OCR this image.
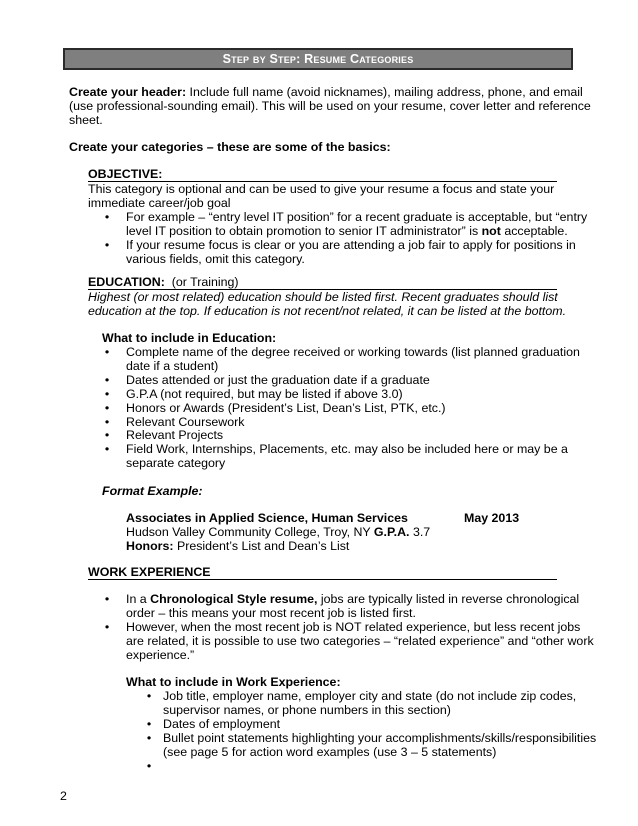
Step by Step: Resume Categories
Create your header: Include full name (avoid nicknames), mailing address, phone, and email
(use professional-sounding email). This will be used on your resume, cover letter and reference
sheet.
Create your categories – these are some of the basics:
OBJECTIVE:
This category is optional and can be used to give your resume a focus and state your
immediate career/job goal
• For example – “entry level IT position” for a recent graduate is acceptable, but “entry
level IT position to obtain promotion to senior IT administrator” is not acceptable.
• If your resume focus is clear or you are attending a job fair to apply for positions in
various fields, omit this category.
EDUCATION:  (or Training)
Highest (or most related) education should be listed first. Recent graduates should list
education at the top. If education is not recent/not related, it can be listed at the bottom.
What to include in Education:
• Complete name of the degree received or working towards (list planned graduation
date if a student)
• Dates attended or just the graduation date if a graduate
• G.P.A (not required, but may be listed if above 3.0)
• Honors or Awards (President’s List, Dean’s List, PTK, etc.)
• Relevant Coursework
• Relevant Projects
• Field Work, Internships, Placements, etc. may also be included here or may be a
separate category
Format Example:
Associates in Applied Science, Human Services	May 2013
Hudson Valley Community College, Troy, NY G.P.A. 3.7
Honors: President’s List and Dean’s List
WORK EXPERIENCE
• In a Chronological Style resume, jobs are typically listed in reverse chronological
order – this means your most recent job is listed first.
• However, when the most recent job is NOT related experience, but less recent jobs
are related, it is possible to use two categories – “related experience” and “other work
experience.”
What to include in Work Experience:
• Job title, employer name, employer city and state (do not include zip codes,
supervisor names, or phone numbers in this section)
• Dates of employment
• Bullet point statements highlighting your accomplishments/skills/responsibilities
(see page 5 for action word examples (use 3 – 5 statements)
•
2
